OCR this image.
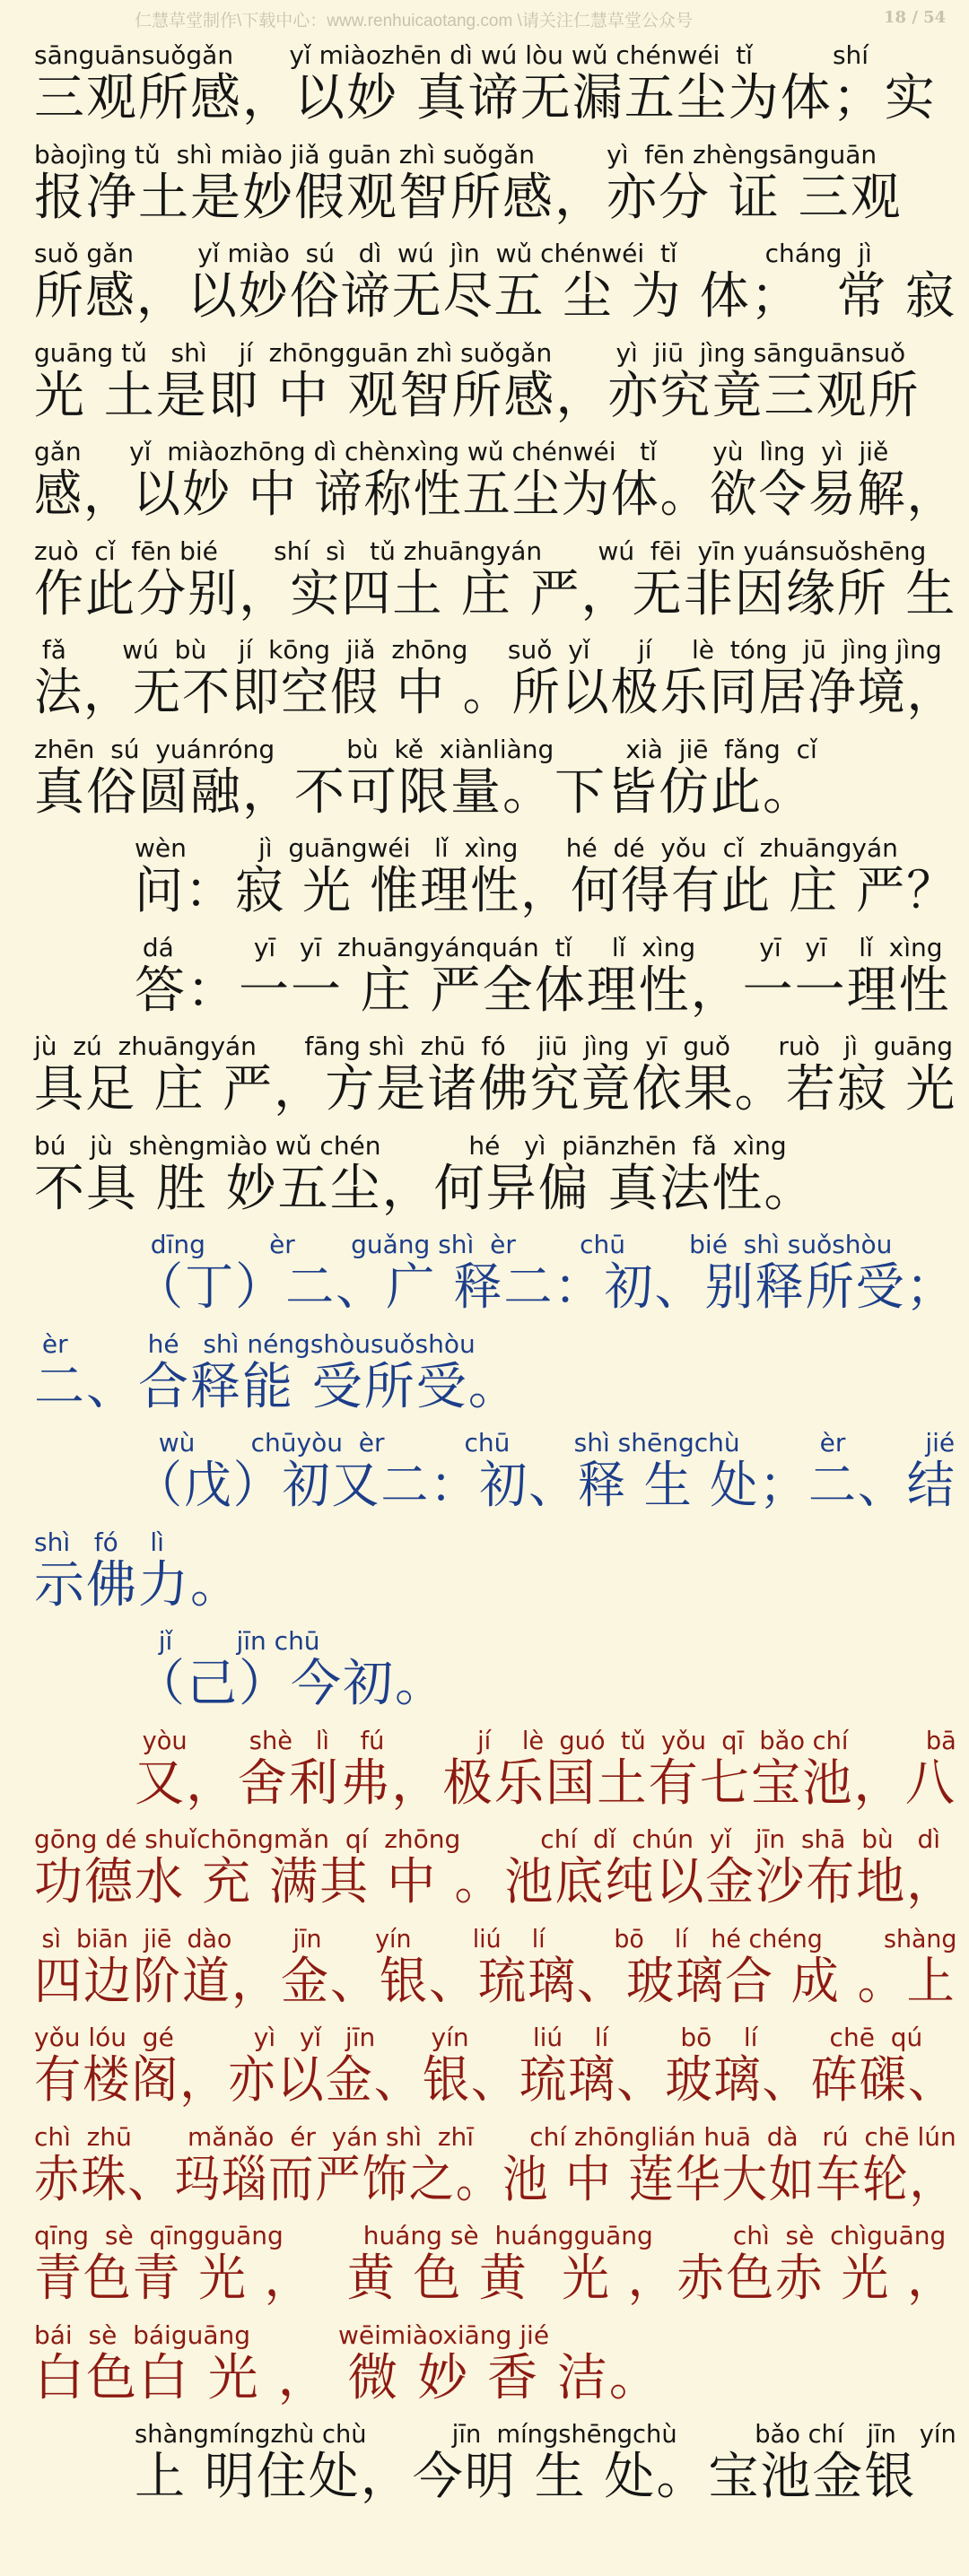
仁慧草堂制作\下载中心：www.renhuicaotang.com \请关注仁慧草堂公众号	18 / 54
sānguānsuǒgǎn       yǐ miàozhēn dì wú lòu wǔ chénwéi  tǐ          shí
三观所感，以妙 真谛无漏五尘为体；实
bàojìng tǔ  shì miào jiǎ guān zhì suǒgǎn         yì  fēn zhèngsānguān
报净土是妙假观智所感，亦分 证 三观
suǒ gǎn        yǐ miào  sú   dì  wú  jìn  wǔ chénwéi  tǐ           cháng  jì
所感，以妙俗谛无尽五 尘 为 体；  常 寂
guāng tǔ   shì    jí  zhōngguān zhì suǒgǎn        yì  jiū  jìng sānguānsuǒ
光 土是即 中 观智所感，亦究竟三观所
gǎn      yǐ  miàozhōng dì chènxìng wǔ chénwéi   tǐ       yù  lìng  yì  jiě
感，以妙 中 谛称性五尘为体。欲令易解，
zuò  cǐ  fēn bié       shí  sì   tǔ zhuāngyán       wú  fēi  yīn yuánsuǒshēng
作此分别，实四土 庄 严，无非因缘所 生
fǎ       wú  bù    jí  kōng  jiǎ  zhōng     suǒ  yǐ      jí     lè  tóng  jū  jìng jìng
法，无不即空假 中 。所以极乐同居净境，
zhēn  sú  yuánróng         bù  kě  xiànliàng         xià  jiē  fǎng  cǐ
真俗圆融，不可限量。下皆仿此。
wèn         jì  guāngwéi   lǐ  xìng      hé  dé  yǒu  cǐ  zhuāngyán
问：寂 光 惟理性，何得有此 庄 严？
dá          yī   yī  zhuāngyánquán  tǐ     lǐ  xìng        yī   yī    lǐ  xìng
答：一一 庄 严全体理性，一一理性
jù  zú  zhuāngyán      fāng shì  zhū  fó    jiū  jìng  yī  guǒ      ruò   jì  guāng
具足 庄 严，方是诸佛究竟依果。若寂 光
bú   jù  shèngmiào wǔ chén           hé   yì  piānzhēn  fǎ  xìng
不具 胜 妙五尘，何异偏 真法性。
dīng        èr       guǎng shì  èr        chū        bié  shì suǒshòu
（丁）二、广 释二：初、别释所受；
èr          hé   shì néngshòusuǒshòu
二、合释能 受所受。
wù       chūyòu  èr          chū        shì shēngchù          èr          jié
（戊）初又二：初、释 生 处；二、结
shì   fó    lì
示佛力。
jǐ        jīn chū
（己）今初。
yòu        shè   lì    fú            jí    lè  guó  tǔ  yǒu  qī  bǎo chí          bā
又，舍利弗，极乐国土有七宝池，八
gōng dé shuǐchōngmǎn  qí  zhōng          chí  dǐ  chún  yǐ   jīn  shā  bù   dì
功德水 充 满其 中 。池底纯以金沙布地，
sì  biān  jiē  dào        jīn       yín        liú    lí         bō    lí   hé chéng        shàng
四边阶道，金、银、琉璃、玻璃合 成 。上
yǒu lóu  gé          yì   yǐ   jīn       yín        liú    lí         bō    lí         chē  qú
有楼阁，亦以金、银、琉璃、玻璃、砗磲、
chì  zhū       mǎnǎo  ér  yán shì  zhī       chí zhōnglián huā  dà   rú  chē lún
赤珠、玛瑙而严饰之。池 中 莲华大如车轮，
qīng  sè  qīngguāng          huáng sè  huángguāng          chì  sè  chìguāng
青色青 光 ，  黄 色 黄  光 ，赤色赤 光 ，
bái  sè  báiguāng           wēimiàoxiāng jié
白色白 光 ， 微 妙 香 洁。
shàngmíngzhù chù           jīn  míngshēngchù          bǎo chí   jīn   yín
上 明住处，今明 生 处。宝池金银
